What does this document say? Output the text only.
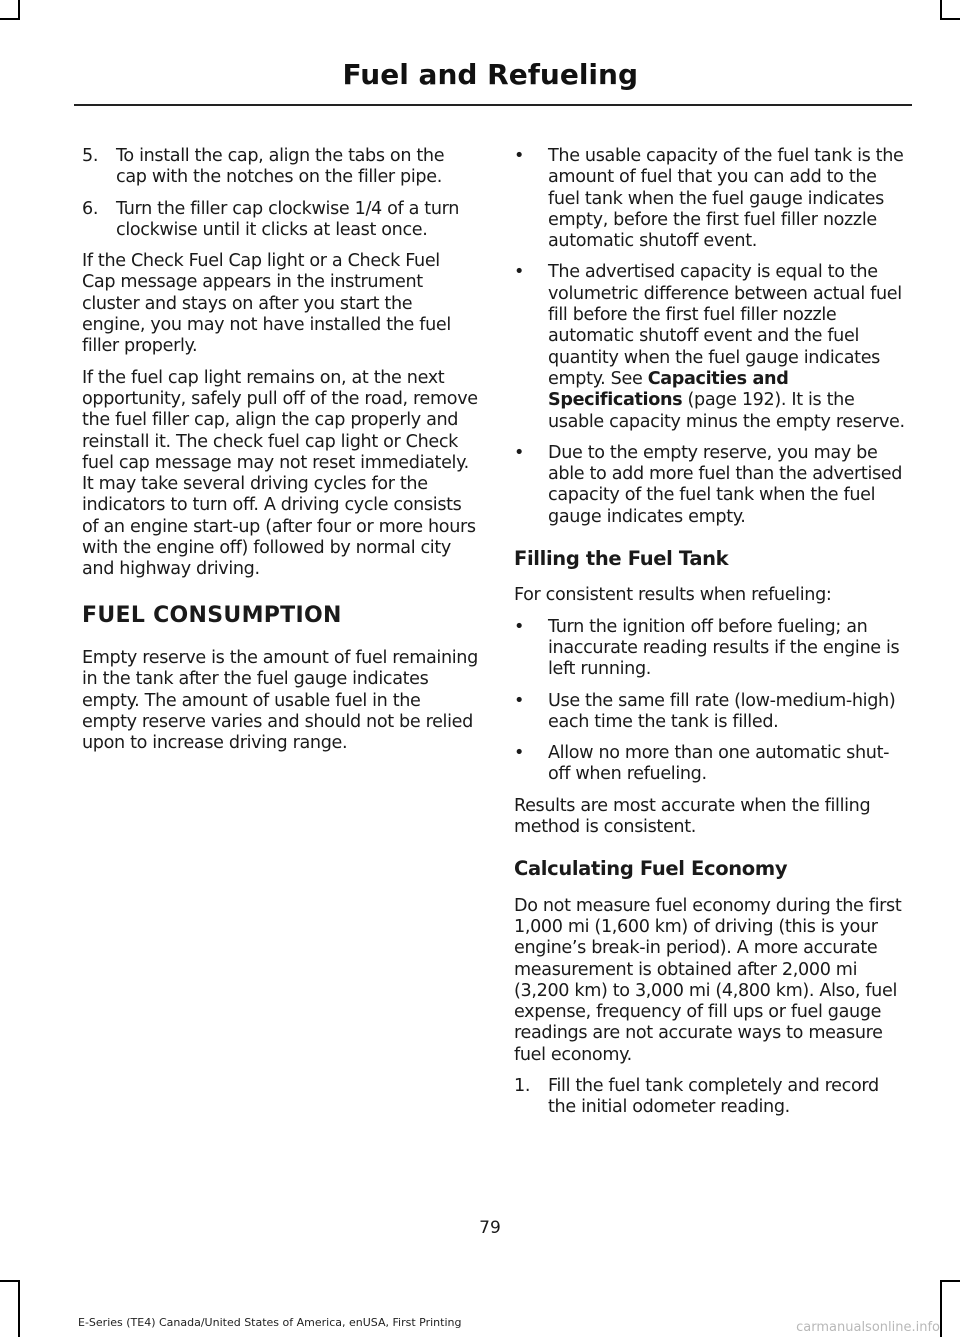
Fuel and Refueling
5. To install the cap, align the tabs on the cap with the notches on the filler pipe.
6. Turn the filler cap clockwise 1/4 of a turn clockwise until it clicks at least once.

If the Check Fuel Cap light or a Check Fuel Cap message appears in the instrument cluster and stays on after you start the engine, you may not have installed the fuel filler properly.

If the fuel cap light remains on, at the next opportunity, safely pull off of the road, remove the fuel filler cap, align the cap properly and reinstall it. The check fuel cap light or Check fuel cap message may not reset immediately. It may take several driving cycles for the indicators to turn off. A driving cycle consists of an engine start-up (after four or more hours with the engine off) followed by normal city and highway driving.

FUEL CONSUMPTION

Empty reserve is the amount of fuel remaining in the tank after the fuel gauge indicates empty. The amount of usable fuel in the empty reserve varies and should not be relied upon to increase driving range.

• The usable capacity of the fuel tank is the amount of fuel that you can add to the fuel tank when the fuel gauge indicates empty, before the first fuel filler nozzle automatic shutoff event.
• The advertised capacity is equal to the volumetric difference between actual fuel fill before the first fuel filler nozzle automatic shutoff event and the fuel quantity when the fuel gauge indicates empty. See Capacities and Specifications (page 192). It is the usable capacity minus the empty reserve.
• Due to the empty reserve, you may be able to add more fuel than the advertised capacity of the fuel tank when the fuel gauge indicates empty.
Filling the Fuel Tank

For consistent results when refueling:

• Turn the ignition off before fueling; an inaccurate reading results if the engine is left running.
• Use the same fill rate (low-medium-high) each time the tank is filled.
• Allow no more than one automatic shut-off when refueling.

Results are most accurate when the filling method is consistent.

Calculating Fuel Economy

Do not measure fuel economy during the first 1,000 mi (1,600 km) of driving (this is your engine’s break-in period). A more accurate measurement is obtained after 2,000 mi (3,200 km) to 3,000 mi (4,800 km). Also, fuel expense, frequency of fill ups or fuel gauge readings are not accurate ways to measure fuel economy.

1. Fill the fuel tank completely and record the initial odometer reading.
79
E-Series (TE4) Canada/United States of America, enUSA, First Printing	carmanualsonline.info
